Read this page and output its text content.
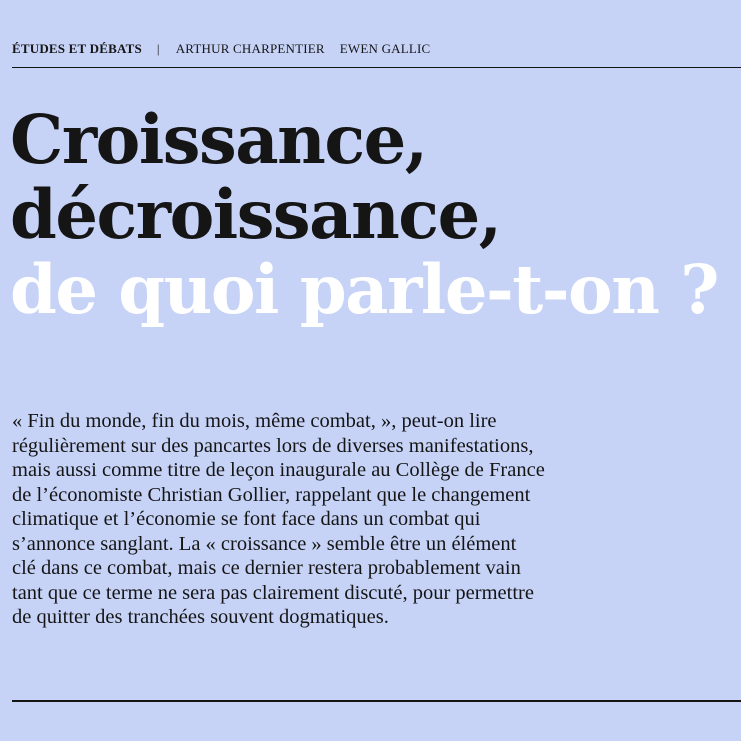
ÉTUDES ET DÉBATS | ARTHUR CHARPENTIER EWEN GALLIC
Croissance,
décroissance,
de quoi parle-t-on ?

« Fin du monde, fin du mois, même combat, », peut-on lire
régulièrement sur des pancartes lors de diverses manifestations,
mais aussi comme titre de leçon inaugurale au Collège de France
de l’économiste Christian Gollier, rappelant que le changement
climatique et l’économie se font face dans un combat qui
s’annonce sanglant. La « croissance » semble être un élément
clé dans ce combat, mais ce dernier restera probablement vain
tant que ce terme ne sera pas clairement discuté, pour permettre
de quitter des tranchées souvent dogmatiques.
